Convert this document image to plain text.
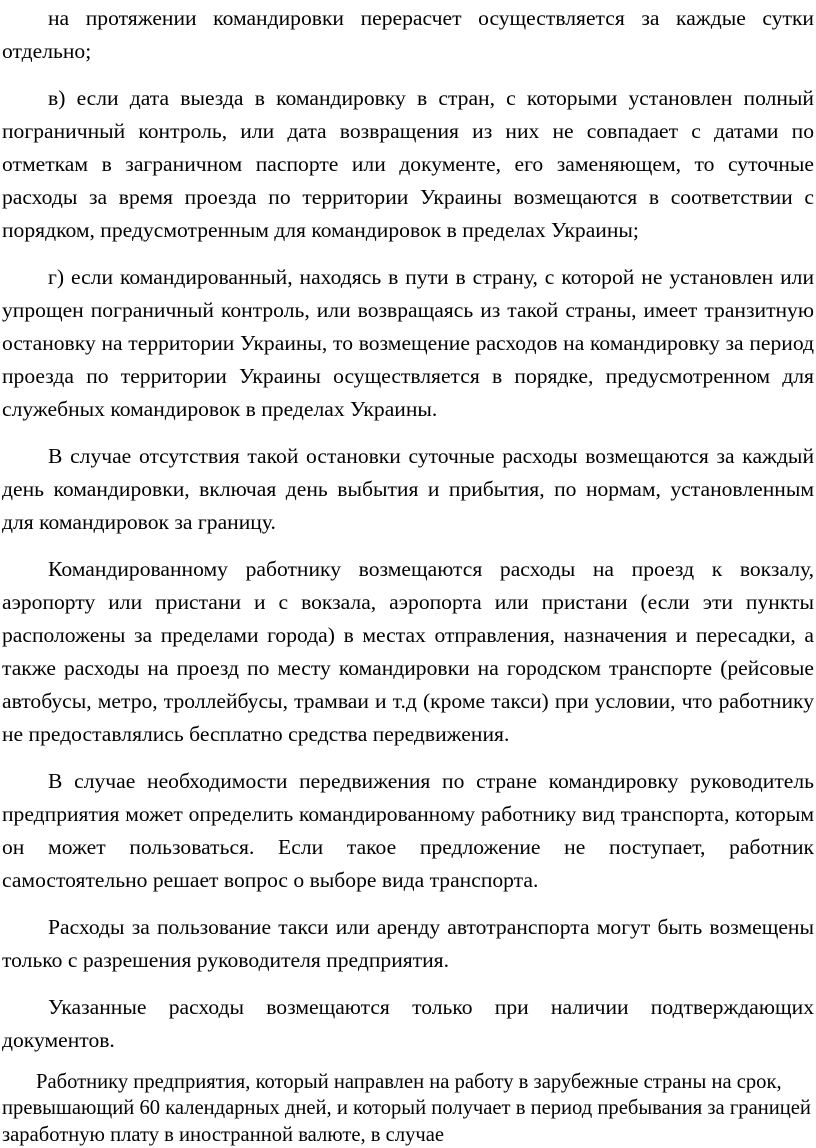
на протяжении командировки перерасчет осуществляется за каждые сутки отдельно;

в) если дата выезда в командировку в стран, с которыми установлен полный пограничный контроль, или дата возвращения из них не совпадает с датами по отметкам в заграничном паспорте или документе, его заменяющем, то суточные расходы за время проезда по территории Украины возмещаются в соответствии с порядком, предусмотренным для командировок в пределах Украины;

г) если командированный, находясь в пути в страну, с которой не установлен или упрощен пограничный контроль, или возвращаясь из такой страны, имеет транзитную остановку на территории Украины, то возмещение расходов на командировку за период проезда по территории Украины осуществляется в порядке, предусмотренном для служебных командировок в пределах Украины.

В случае отсутствия такой остановки суточные расходы возмещаются за каждый день командировки, включая день выбытия и прибытия, по нормам, установленным для командировок за границу.

Командированному работнику возмещаются расходы на проезд к вокзалу, аэропорту или пристани и с вокзала, аэропорта или пристани (если эти пункты расположены за пределами города) в местах отправления, назначения и пересадки, а также расходы на проезд по месту командировки на городском транспорте (рейсовые автобусы, метро, троллейбусы, трамваи и т.д (кроме такси) при условии, что работнику не предоставлялись бесплатно средства передвижения.

В случае необходимости передвижения по стране командировку руководитель предприятия может определить командированному работнику вид транспорта, которым он может пользоваться. Если такое предложение не поступает, работник самостоятельно решает вопрос о выборе вида транспорта.

Расходы за пользование такси или аренду автотранспорта могут быть возмещены только с разрешения руководителя предприятия.

Указанные расходы возмещаются только при наличии подтверждающих документов.

Работнику предприятия, который направлен на работу в зарубежные страны на срок, превышающий 60 календарных дней, и который получает в период пребывания за границей заработную плату в иностранной валюте, в случае
